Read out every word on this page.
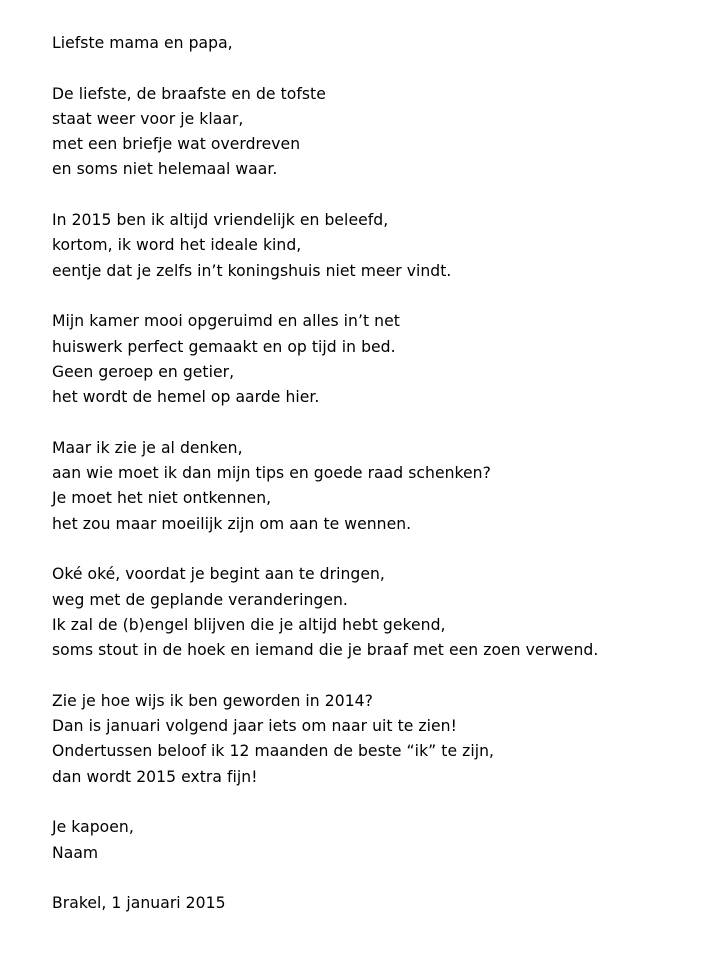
Liefste mama en papa,
De liefste, de braafste en de tofste
staat weer voor je klaar,
met een briefje wat overdreven
en soms niet helemaal waar.
In 2015 ben ik altijd vriendelijk en beleefd,
kortom, ik word het ideale kind,
eentje dat je zelfs in’t koningshuis niet meer vindt.
Mijn kamer mooi opgeruimd en alles in’t net
huiswerk perfect gemaakt en op tijd in bed.
Geen geroep en getier,
het wordt de hemel op aarde hier.
Maar ik zie je al denken,
aan wie moet ik dan mijn tips en goede raad schenken?
Je moet het niet ontkennen,
het zou maar moeilijk zijn om aan te wennen.
Oké oké, voordat je begint aan te dringen,
weg met de geplande veranderingen.
Ik zal de (b)engel blijven die je altijd hebt gekend,
soms stout in de hoek en iemand die je braaf met een zoen verwend.
Zie je hoe wijs ik ben geworden in 2014?
Dan is januari volgend jaar iets om naar uit te zien!
Ondertussen beloof ik 12 maanden de beste “ik” te zijn,
dan wordt 2015 extra fijn!
Je kapoen,
Naam
Brakel, 1 januari 2015
